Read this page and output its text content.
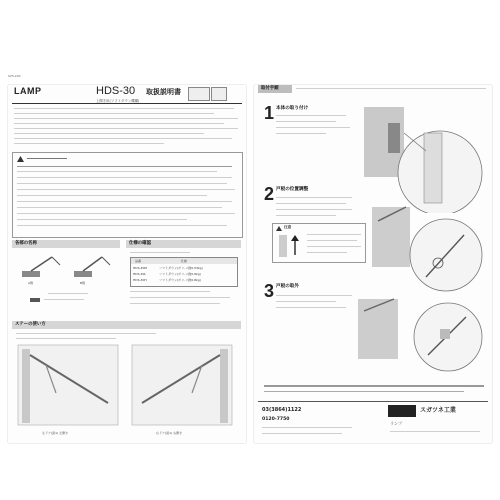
025-200
LAMP	HDS-30 取扱説明書
上開き用(ソフトダウン機構)
各部の名称
A側	B側
仕様の確認
品番	仕様
HDS-30M	ソフトダウン(ポリ-リ推0.53kg)
HDS-30L	ソフトダウン(ポリ-リ推0.6kg)
HDS-30H	ソフトダウン(ポリ-リ推0.8kg)
ステーの使い方
左ドア(図1) 左開き	右ドア(図1) 右開き
取付手順
1 本体の取り付け
2 戸板の位置調整
注意
3 戸板の取外
03(3864)1122
0120-7750
スガツネ工業
ランプ
